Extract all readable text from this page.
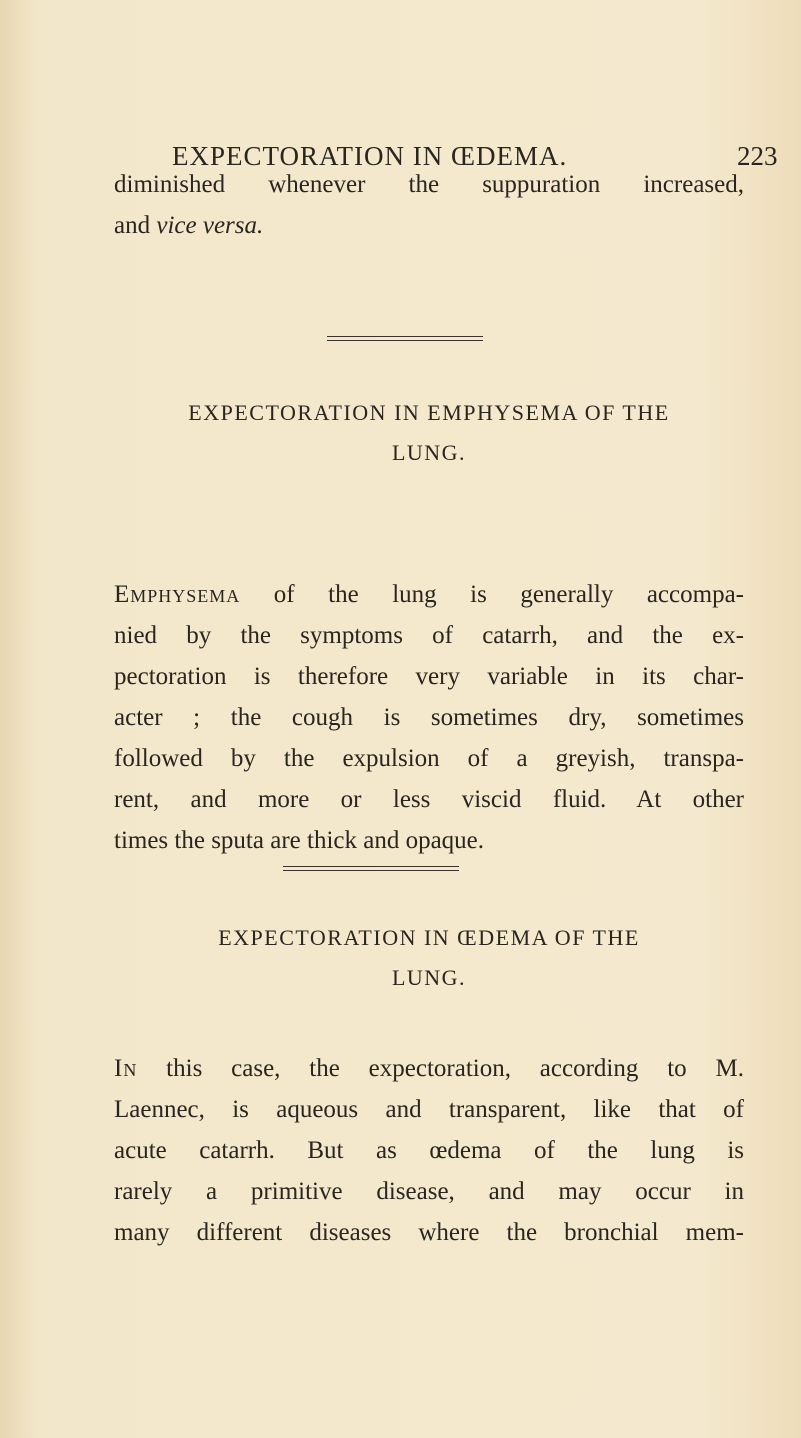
EXPECTORATION IN ŒDEMA.	223
diminished whenever the suppuration increased,
and vice versa.
EXPECTORATION IN EMPHYSEMA OF THE
LUNG.
Emphysema of the lung is generally accompa-
nied by the symptoms of catarrh, and the ex-
pectoration is therefore very variable in its char-
acter ; the cough is sometimes dry, sometimes
followed by the expulsion of a greyish, transpa-
rent, and more or less viscid fluid. At other
times the sputa are thick and opaque.
EXPECTORATION IN ŒDEMA OF THE
LUNG.
In this case, the expectoration, according to M.
Laennec, is aqueous and transparent, like that of
acute catarrh. But as œdema of the lung is
rarely a primitive disease, and may occur in
many different diseases where the bronchial mem-
